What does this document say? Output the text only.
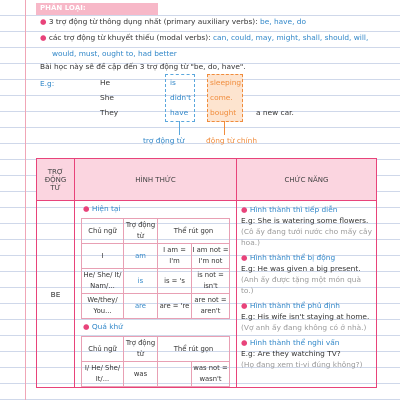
PHÂN LOẠI:
● 3 trợ động từ thông dụng nhất (primary auxiliary verbs): be, have, do
● các trợ động từ khuyết thiếu (modal verbs): can, could, may, might, shall, should, will,
would, must, ought to, had better
Bài học này sẽ đề cập đến 3 trợ động từ "be, do, have".
E.g:	He	is	sleeping.
She	didn't	come.
They	have	bought	a new car.
trợ động từ	động từ chính
TRỢ
ĐỘNG
TỪ
	HÌNH THỨC	CHỨC NĂNG
BE	
● Hiện tại
Chủ ngữ	Trợ động từ	Thể rút gọn
I	am	I am = I'm	I am not = I'm not
He/ She/ It/ Nam/...	is	is = 's	is not = isn't
We/they/ You...	are	are = 're	are not = aren't
● Quá khứ
Chủ ngữ	Trợ động từ	Thể rút gọn
I/ He/ She/ It/...	was		was not = wasn't

● Hình thành thì tiếp diễn
E.g: She is watering some flowers.
(Cô ấy đang tưới nước cho mấy cây hoa.)
● Hình thành thể bị động
E.g: He was given a big present.
(Anh ấy được tặng một món quà to.)
● Hình thành thể phủ định
E.g: His wife isn't staying at home.
(Vợ anh ấy đang không có ở nhà.)
● Hình thành thể nghi vấn
E.g: Are they watching TV?
(Họ đang xem ti-vi đúng không?)
